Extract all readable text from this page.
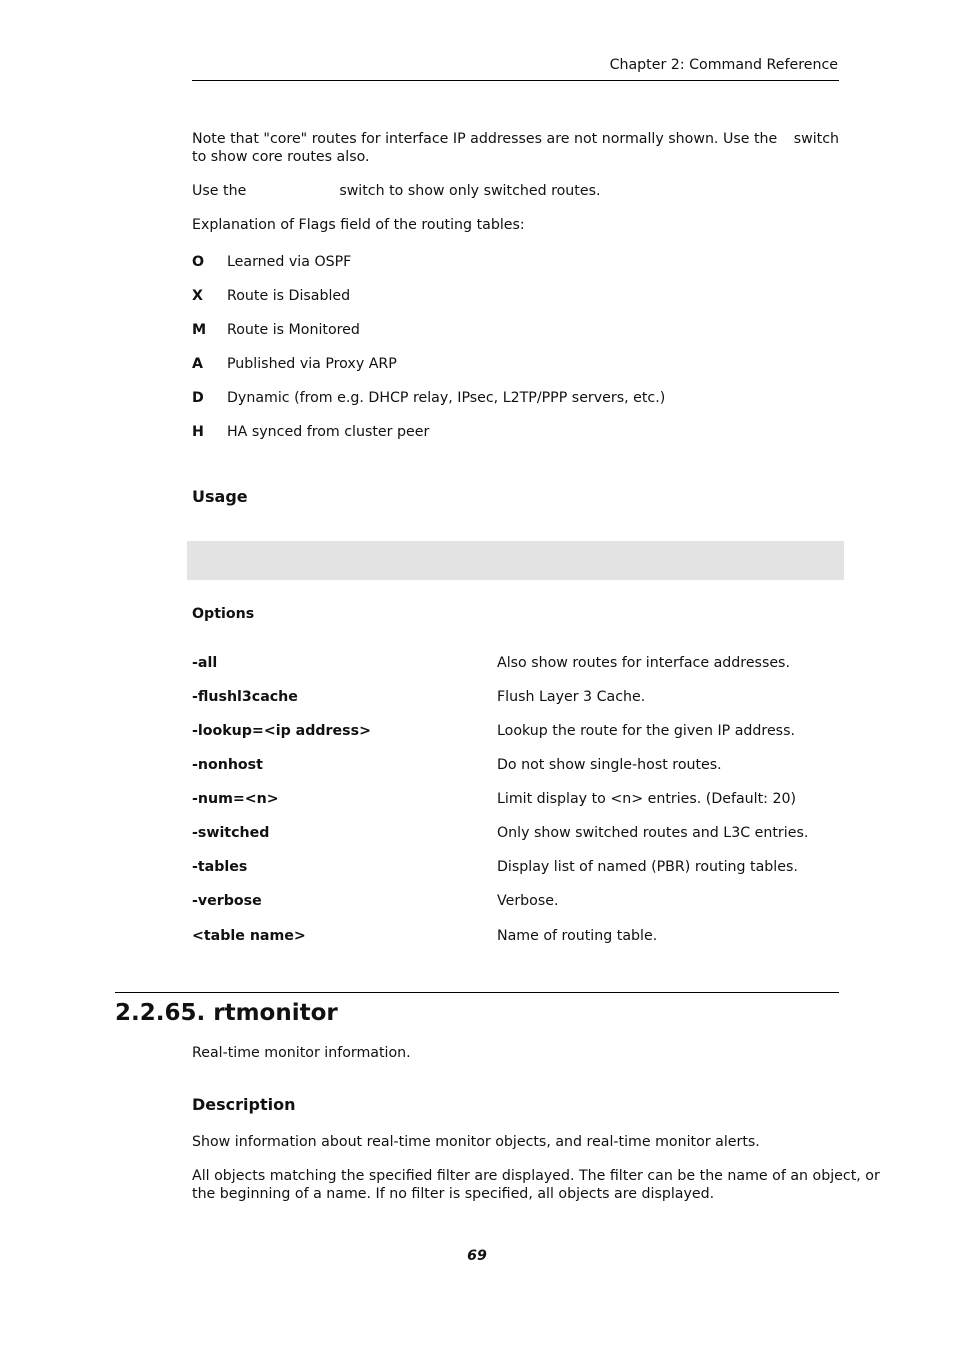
Chapter 2: Command Reference
Note that "core" routes for interface IP addresses are not normally shown. Use the switch
to show core routes also.
Use the	switch to show only switched routes.
Explanation of Flags field of the routing tables:
O Learned via OSPF
X Route is Disabled
M Route is Monitored
A Published via Proxy ARP
D Dynamic (from e.g. DHCP relay, IPsec, L2TP/PPP servers, etc.)
H HA synced from cluster peer
Usage
Options
-all	Also show routes for interface addresses.
-flushl3cache	Flush Layer 3 Cache.
-lookup=<ip address>	Lookup the route for the given IP address.
-nonhost	Do not show single-host routes.
-num=<n>	Limit display to <n> entries. (Default: 20)
-switched	Only show switched routes and L3C entries.
-tables	Display list of named (PBR) routing tables.
-verbose	Verbose.
<table name>	Name of routing table.
2.2.65. rtmonitor
Real-time monitor information.
Description
Show information about real-time monitor objects, and real-time monitor alerts.
All objects matching the specified filter are displayed. The filter can be the name of an object, or
the beginning of a name. If no filter is specified, all objects are displayed.
69
